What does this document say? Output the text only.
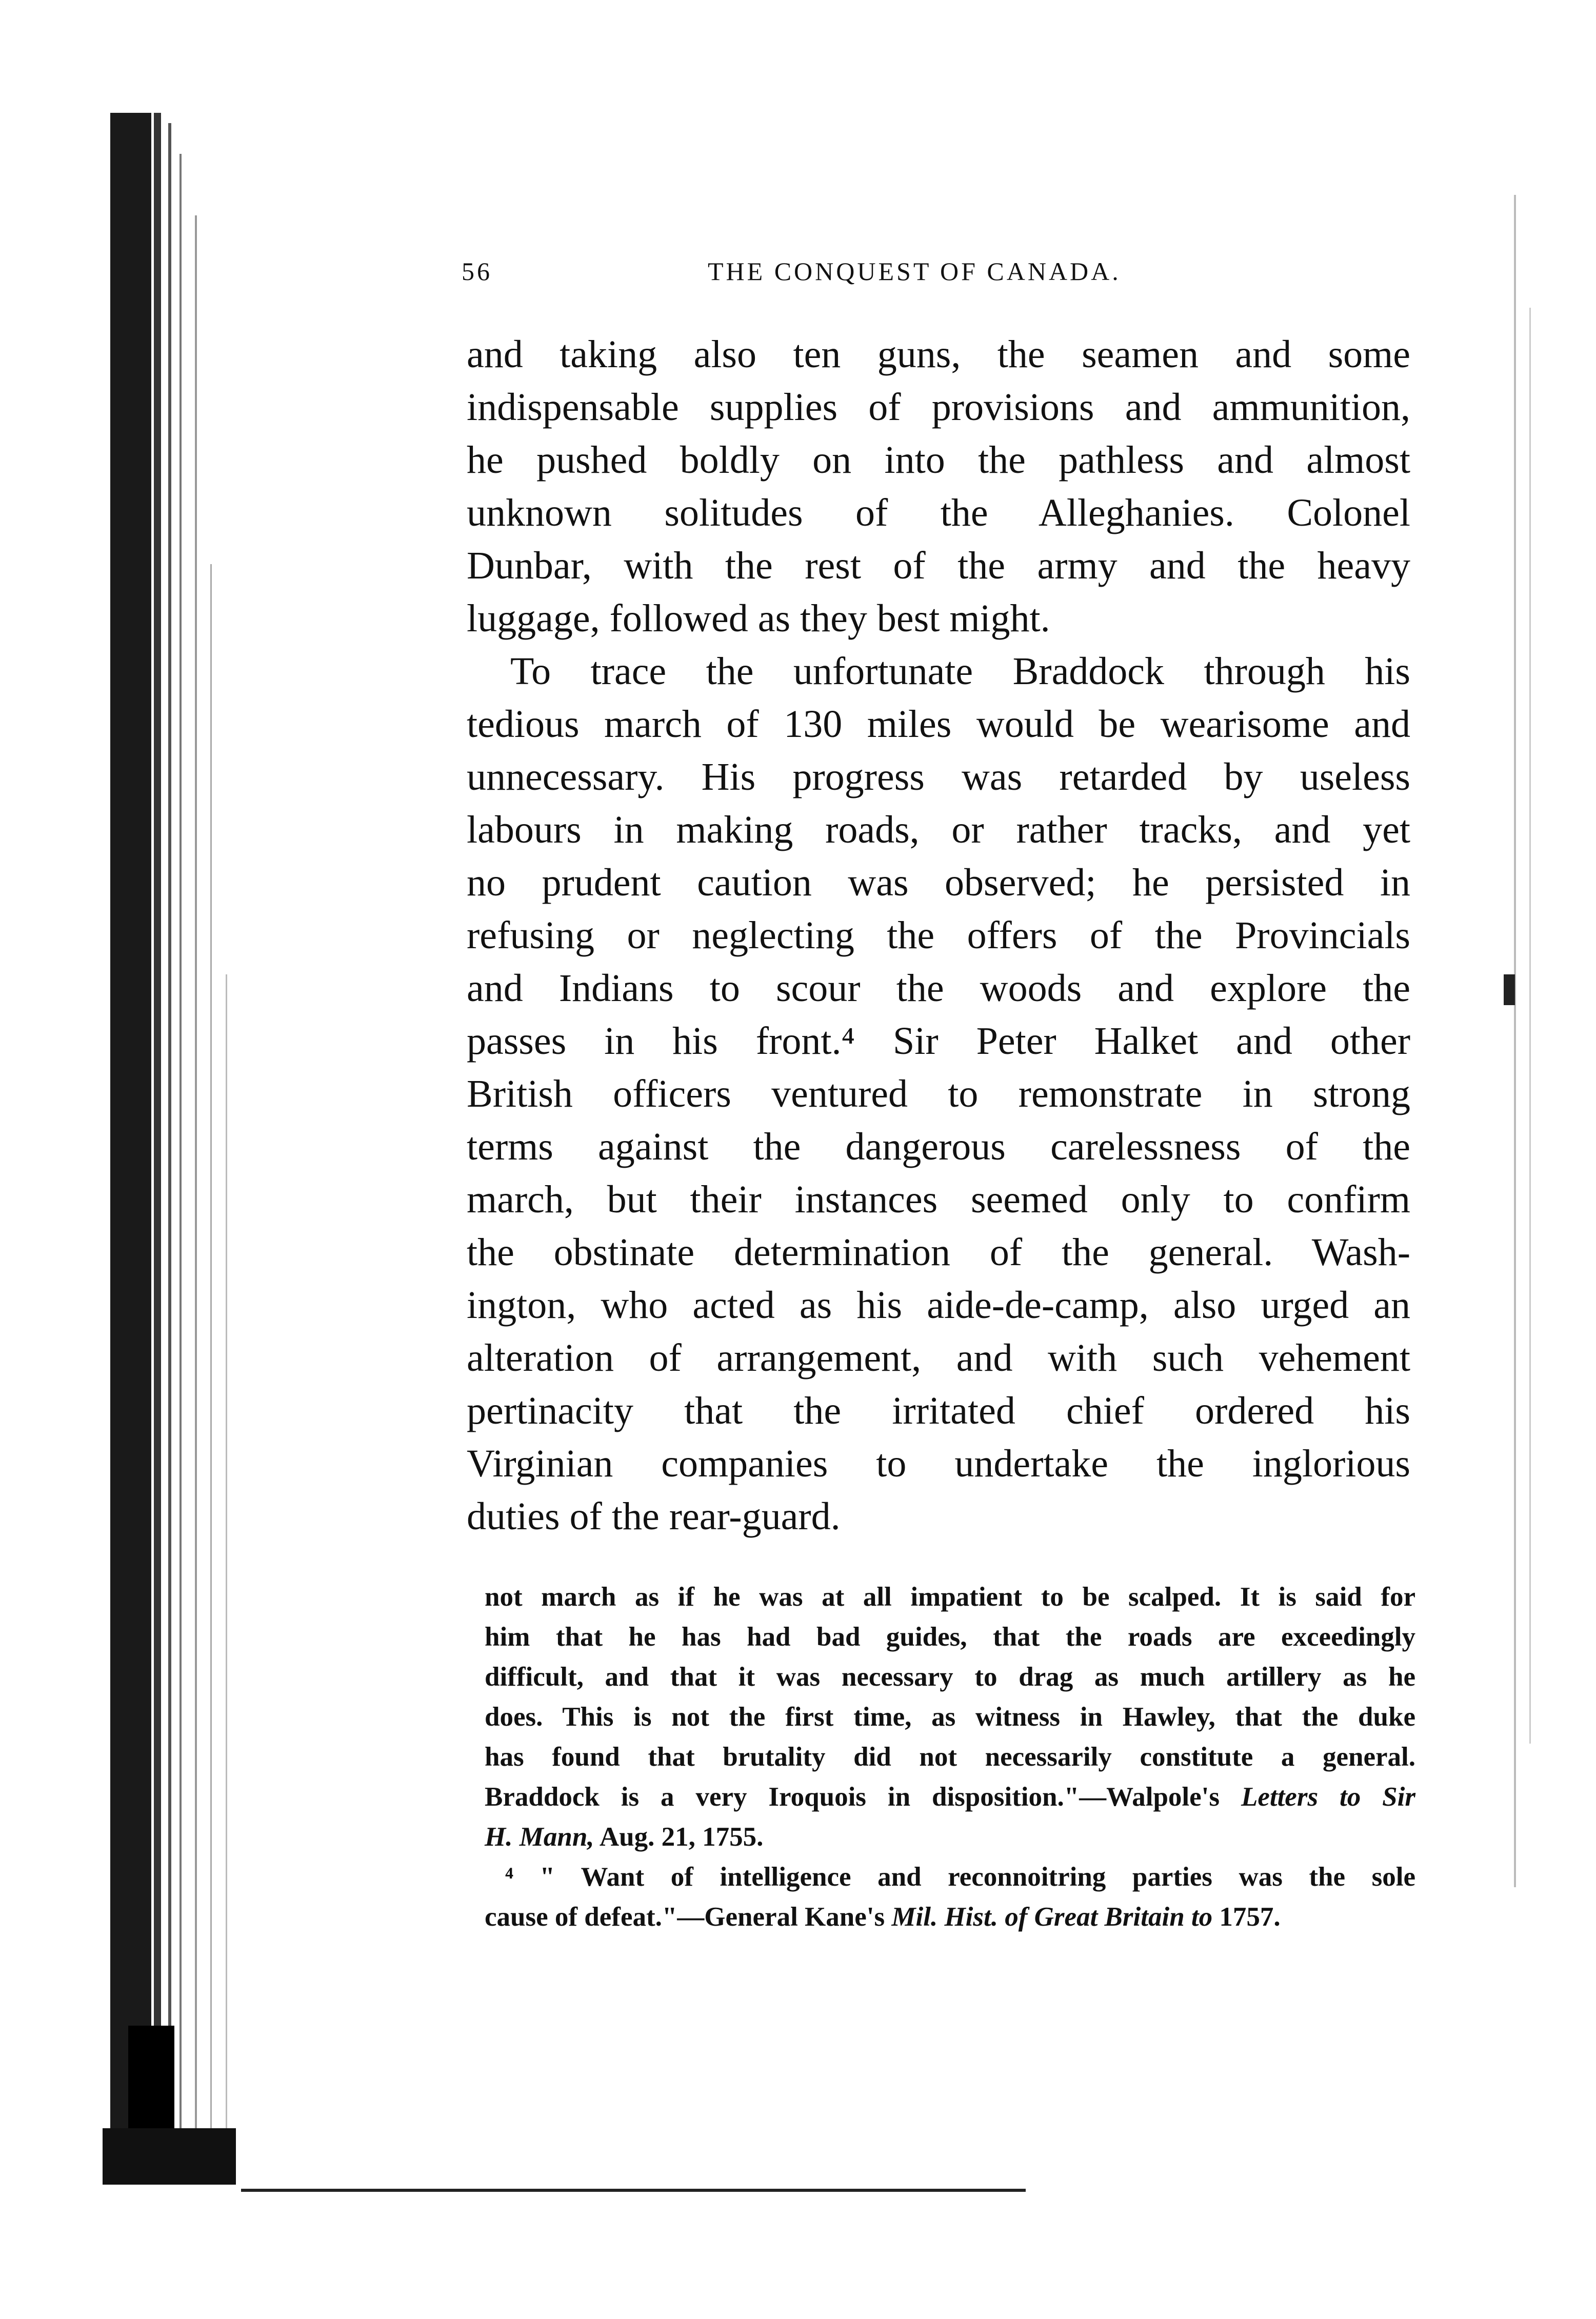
56	THE CONQUEST OF CANADA.

and taking also ten guns, the seamen and some
indispensable supplies of provisions and ammunition,
he pushed boldly on into the pathless and almost
unknown solitudes of the Alleghanies. Colonel
Dunbar, with the rest of the army and the heavy
luggage, followed as they best might.

To trace the unfortunate Braddock through his
tedious march of 130 miles would be wearisome and
unnecessary. His progress was retarded by useless
labours in making roads, or rather tracks, and yet
no prudent caution was observed; he persisted in
refusing or neglecting the offers of the Provincials
and Indians to scour the woods and explore the
passes in his front.⁴ Sir Peter Halket and other
British officers ventured to remonstrate in strong
terms against the dangerous carelessness of the
march, but their instances seemed only to confirm
the obstinate determination of the general. Wash-
ington, who acted as his aide-de-camp, also urged an
alteration of arrangement, and with such vehement
pertinacity that the irritated chief ordered his
Virginian companies to undertake the inglorious
duties of the rear-guard.

not march as if he was at all impatient to be scalped. It is said for
him that he has had bad guides, that the roads are exceedingly
difficult, and that it was necessary to drag as much artillery as he
does. This is not the first time, as witness in Hawley, that the duke
has found that brutality did not necessarily constitute a general.
Braddock is a very Iroquois in disposition."—Walpole's Letters to Sir
H. Mann, Aug. 21, 1755.
⁴ " Want of intelligence and reconnoitring parties was the sole
cause of defeat."—General Kane's Mil. Hist. of Great Britain to 1757.
